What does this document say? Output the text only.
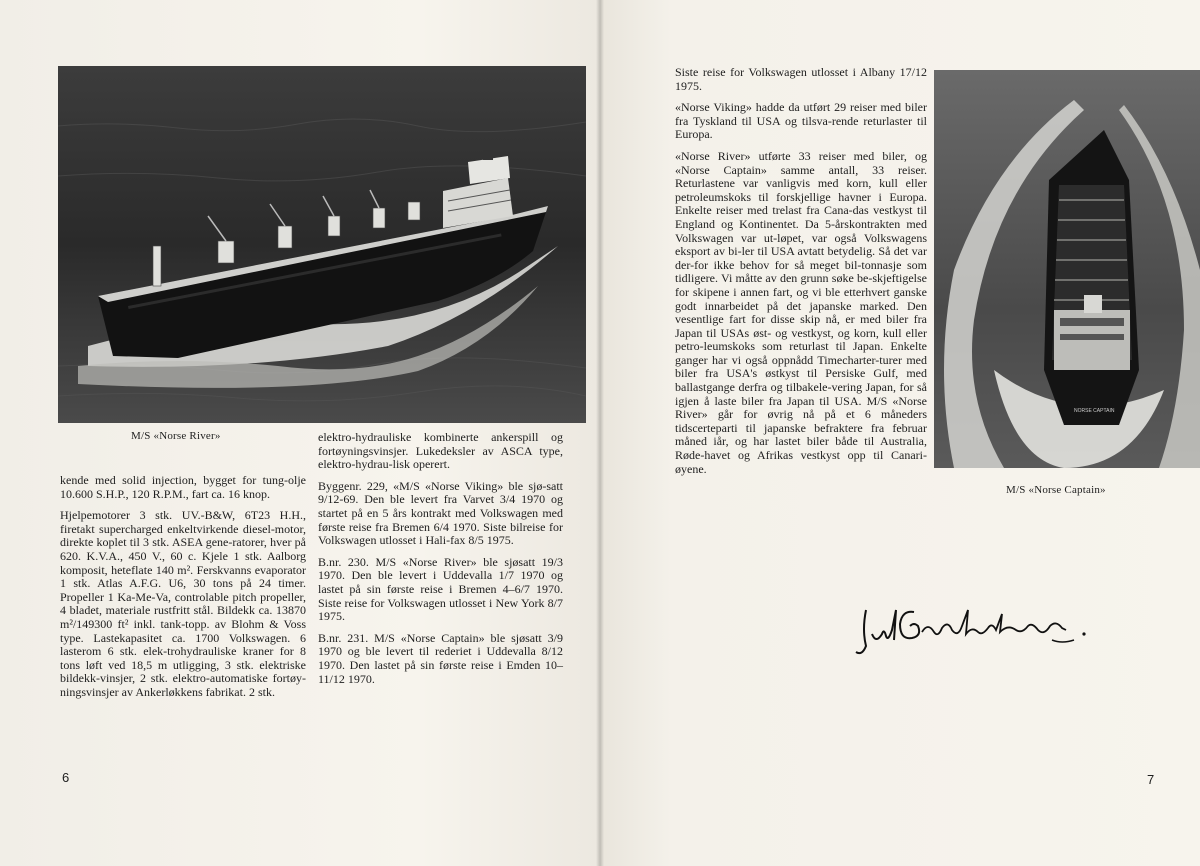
M/S «Norse River»

kende med solid injection, bygget for tung-olje 10.600 S.H.P., 120 R.P.M., fart ca. 16 knop.

Hjelpemotorer 3 stk. UV.-B&W, 6T23 H.H., firetakt supercharged enkeltvirkende diesel-motor, direkte koplet til 3 stk. ASEA gene-ratorer, hver på 620. K.V.A., 450 V., 60 c. Kjele 1 stk. Aalborg komposit, heteflate 140 m². Ferskvanns evaporator 1 stk. Atlas A.F.G. U6, 30 tons på 24 timer. Propeller 1 Ka-Me-Va, controlable pitch propeller, 4 bladet, materiale rustfritt stål. Bildekk ca. 13870 m²/149300 ft² inkl. tank-topp. av Blohm & Voss type. Lastekapasitet ca. 1700 Volkswagen. 6 lasterom 6 stk. elek-trohydrauliske kraner for 8 tons løft ved 18,5 m utligging, 3 stk. elektriske bildekk-vinsjer, 2 stk. elektro-automatiske fortøy-ningsvinsjer av Ankerløkkens fabrikat. 2 stk.

elektro-hydrauliske kombinerte ankerspill og fortøyningsvinsjer. Lukedeksler av ASCA type, elektro-hydrau-lisk operert.

Byggenr. 229, «M/S «Norse Viking» ble sjø-satt 9/12-69. Den ble levert fra Varvet 3/4 1970 og startet på en 5 års kontrakt med Volkswagen med første reise fra Bremen 6/4 1970. Siste bilreise for Volkswagen utlosset i Hali-fax 8/5 1975.

B.nr. 230. M/S «Norse River» ble sjøsatt 19/3 1970. Den ble levert i Uddevalla 1/7 1970 og lastet på sin første reise i Bremen 4–6/7 1970. Siste reise for Volkswagen utlosset i New York 8/7 1975.

B.nr. 231. M/S «Norse Captain» ble sjøsatt 3/9 1970 og ble levert til rederiet i Uddevalla 8/12 1970. Den lastet på sin første reise i Emden 10–11/12 1970.

6

Siste reise for Volkswagen utlosset i Albany 17/12 1975.

«Norse Viking» hadde da utført 29 reiser med biler fra Tyskland til USA og tilsva-rende returlaster til Europa.

«Norse River» utførte 33 reiser med biler, og «Norse Captain» samme antall, 33 reiser. Returlastene var vanligvis med korn, kull eller petroleumskoks til forskjellige havner i Europa. Enkelte reiser med trelast fra Cana-das vestkyst til England og Kontinentet. Da 5-årskontrakten med Volkswagen var ut-løpet, var også Volkswagens eksport av bi-ler til USA avtatt betydelig. Så det var der-for ikke behov for så meget bil-tonnasje som tidligere. Vi måtte av den grunn søke be-skjeftigelse for skipene i annen fart, og vi ble etterhvert ganske godt innarbeidet på det japanske marked. Den vesentlige fart for disse skip nå, er med biler fra Japan til USAs øst- og vestkyst, og korn, kull eller petro-leumskoks som returlast til Japan. Enkelte ganger har vi også oppnådd Timecharter-turer med biler fra USA's østkyst til Persiske Gulf, med ballastgange derfra og tilbakele-vering Japan, for så igjen å laste biler fra Japan til USA. M/S «Norse River» går for øvrig nå på et 6 måneders tidscerteparti til japanske befraktere fra februar måned iår, og har lastet biler både til Australia, Røde-havet og Afrikas vestkyst opp til Canari-øyene.

NORSE CAPTAIN
M/S «Norse Captain»
7
